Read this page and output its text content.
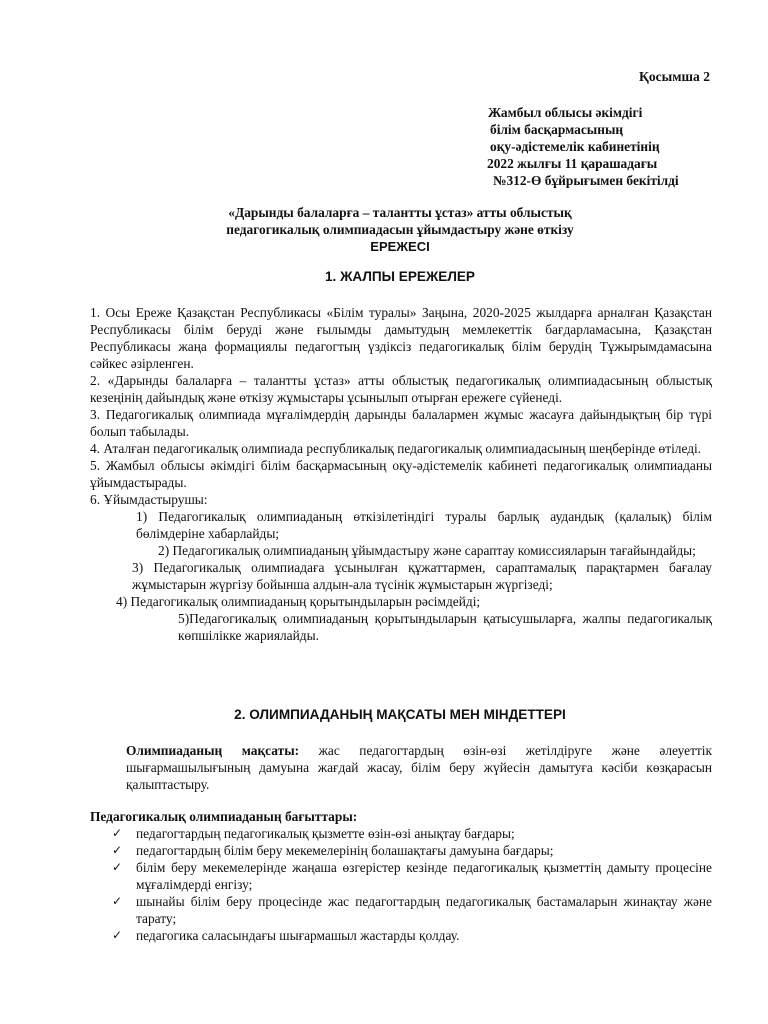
Қосымша 2
Жамбыл облысы әкімдігі
білім басқармасының
оқу-әдістемелік кабинетінің
2022 жылғы 11 қарашадағы
№312-Ө бұйрығымен бекітілді
«Дарынды балаларға – талантты ұстаз» атты облыстық
педагогикалық олимпиадасын ұйымдастыру және өткізу
ЕРЕЖЕСІ
1. ЖАЛПЫ ЕРЕЖЕЛЕР

1. Осы Ереже Қазақстан Республикасы «Білім туралы» Заңына, 2020-2025 жылдарға арналған Қазақстан Республикасы білім беруді және ғылымды дамытудың мемлекеттік бағдарламасына, Қазақстан Республикасы жаңа формациялы педагогтың үздіксіз педагогикалық білім берудің Тұжырымдамасына сәйкес әзірленген.

2. «Дарынды балаларға – талантты ұстаз» атты облыстық педагогикалық олимпиадасының облыстық кезеңінің дайындық және өткізу жұмыстары ұсынылып отырған ережеге сүйенеді.

3. Педагогикалық олимпиада мұғалімдердің дарынды балалармен жұмыс жасауға дайындықтың бір түрі болып табылады.

4. Аталған педагогикалық олимпиада республикалық педагогикалық олимпиадасының шеңберінде өтіледі.

5. Жамбыл облысы әкімдігі білім басқармасының оқу-әдістемелік кабинеті педагогикалық олимпиаданы ұйымдастырады.

6. Ұйымдастырушы:

1) Педагогикалық олимпиаданың өткізілетіндігі туралы барлық аудандық (қалалық) білім бөлімдеріне хабарлайды;

2) Педагогикалық олимпиаданың ұйымдастыру және сараптау комиссияларын тағайындайды;

3) Педагогикалық олимпиадаға ұсынылған құжаттармен, сараптамалық парақтармен бағалау жұмыстарын жүргізу бойынша алдын-ала түсінік жұмыстарын жүргізеді;

4) Педагогикалық олимпиаданың қорытындыларын рәсімдейді;

5)Педагогикалық олимпиаданың қорытындыларын қатысушыларға, жалпы педагогикалық көпшілікке жариялайды.

2. ОЛИМПИАДАНЫҢ МАҚСАТЫ МЕН МІНДЕТТЕРІ
Олимпиаданың мақсаты: жас педагогтардың өзін-өзі жетілдіруге және әлеуеттік шығармашылығының дамуына жағдай жасау, білім беру жүйесін дамытуға кәсіби көзқарасын қалыптастыру.
Педагогикалық олимпиаданың бағыттары:
✓ педагогтардың педагогикалық қызметте өзін-өзі анықтау бағдары;
✓ педагогтардың білім беру мекемелерінің болашақтағы дамуына бағдары;
✓ білім беру мекемелерінде жаңаша өзгерістер кезінде педагогикалық қызметтің дамыту процесіне мұғалімдерді енгізу;
✓ шынайы білім беру процесінде жас педагогтардың педагогикалық бастамаларын жинақтау және тарату;
✓ педагогика саласындағы шығармашыл жастарды қолдау.
